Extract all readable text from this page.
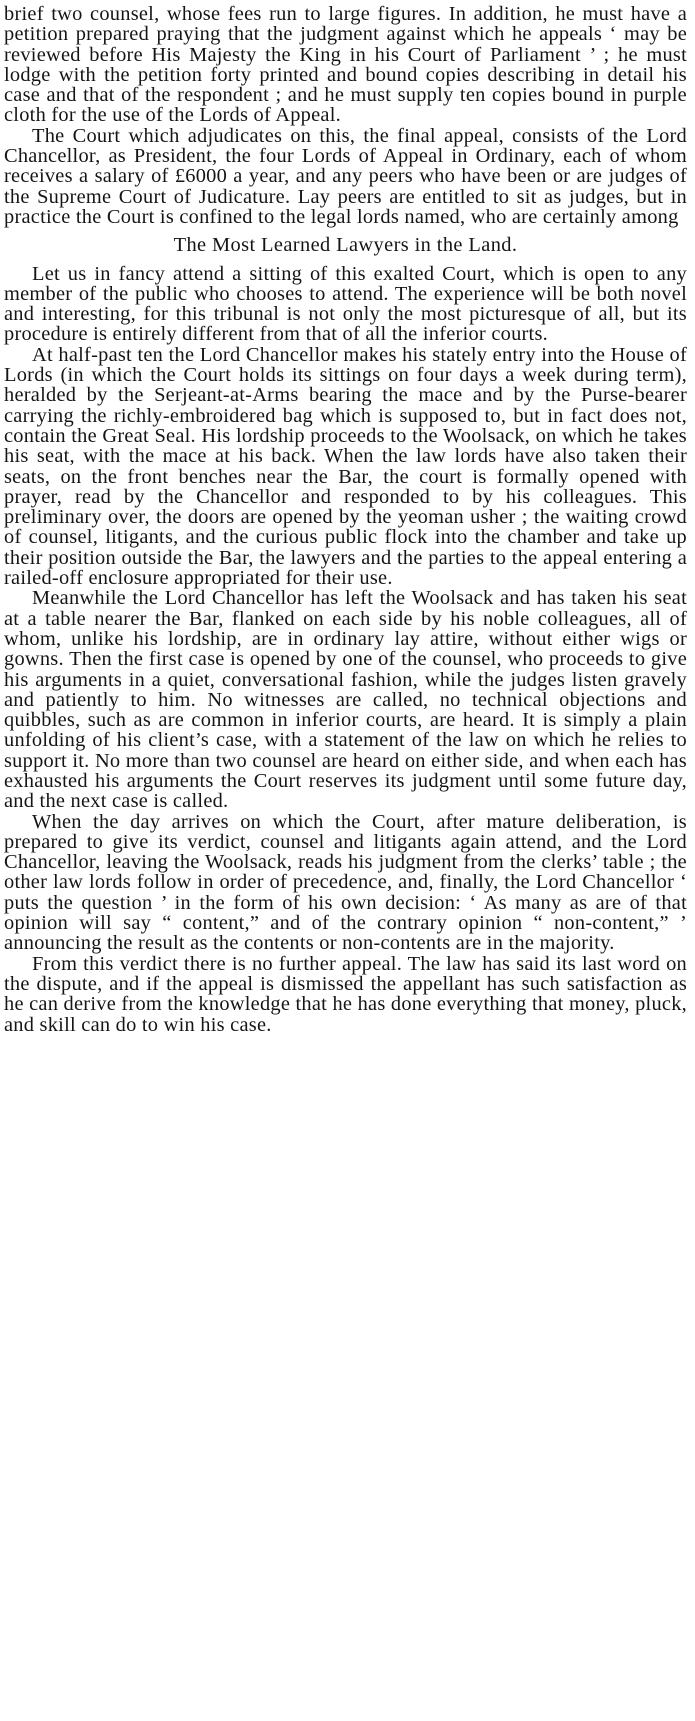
brief two counsel, whose fees run to large figures. In addition, he must have a petition prepared praying that the judgment against which he appeals ‘ may be reviewed before His Majesty the King in his Court of Parliament ’ ; he must lodge with the petition forty printed and bound copies describing in detail his case and that of the respondent ; and he must supply ten copies bound in purple cloth for the use of the Lords of Appeal.

The Court which adjudicates on this, the final appeal, consists of the Lord Chancellor, as President, the four Lords of Appeal in Ordinary, each of whom receives a salary of £6000 a year, and any peers who have been or are judges of the Supreme Court of Judicature. Lay peers are entitled to sit as judges, but in practice the Court is confined to the legal lords named, who are certainly among

The Most Learned Lawyers in the Land.

Let us in fancy attend a sitting of this exalted Court, which is open to any member of the public who chooses to attend. The experience will be both novel and interesting, for this tribunal is not only the most picturesque of all, but its procedure is entirely different from that of all the inferior courts.

At half-past ten the Lord Chancellor makes his stately entry into the House of Lords (in which the Court holds its sittings on four days a week during term), heralded by the Serjeant-at-Arms bearing the mace and by the Purse-bearer carrying the richly-embroidered bag which is supposed to, but in fact does not, contain the Great Seal. His lordship proceeds to the Woolsack, on which he takes his seat, with the mace at his back. When the law lords have also taken their seats, on the front benches near the Bar, the court is formally opened with prayer, read by the Chancellor and responded to by his colleagues. This preliminary over, the doors are opened by the yeoman usher ; the waiting crowd of counsel, litigants, and the curious public flock into the chamber and take up their position outside the Bar, the lawyers and the parties to the appeal entering a railed-off enclosure appropriated for their use.

Meanwhile the Lord Chancellor has left the Woolsack and has taken his seat at a table nearer the Bar, flanked on each side by his noble colleagues, all of whom, unlike his lordship, are in ordinary lay attire, without either wigs or gowns. Then the first case is opened by one of the counsel, who proceeds to give his arguments in a quiet, conversational fashion, while the judges listen gravely and patiently to him. No witnesses are called, no technical objections and quibbles, such as are common in inferior courts, are heard. It is simply a plain unfolding of his client’s case, with a statement of the law on which he relies to support it. No more than two counsel are heard on either side, and when each has exhausted his arguments the Court reserves its judgment until some future day, and the next case is called.

When the day arrives on which the Court, after mature deliberation, is prepared to give its verdict, counsel and litigants again attend, and the Lord Chancellor, leaving the Woolsack, reads his judgment from the clerks’ table ; the other law lords follow in order of precedence, and, finally, the Lord Chancellor ‘ puts the question ’ in the form of his own decision: ‘ As many as are of that opinion will say “ content,” and of the contrary opinion “ non-content,” ’ announcing the result as the contents or non-contents are in the majority.

From this verdict there is no further appeal. The law has said its last word on the dispute, and if the appeal is dismissed the appellant has such satisfaction as he can derive from the knowledge that he has done everything that money, pluck, and skill can do to win his case.
